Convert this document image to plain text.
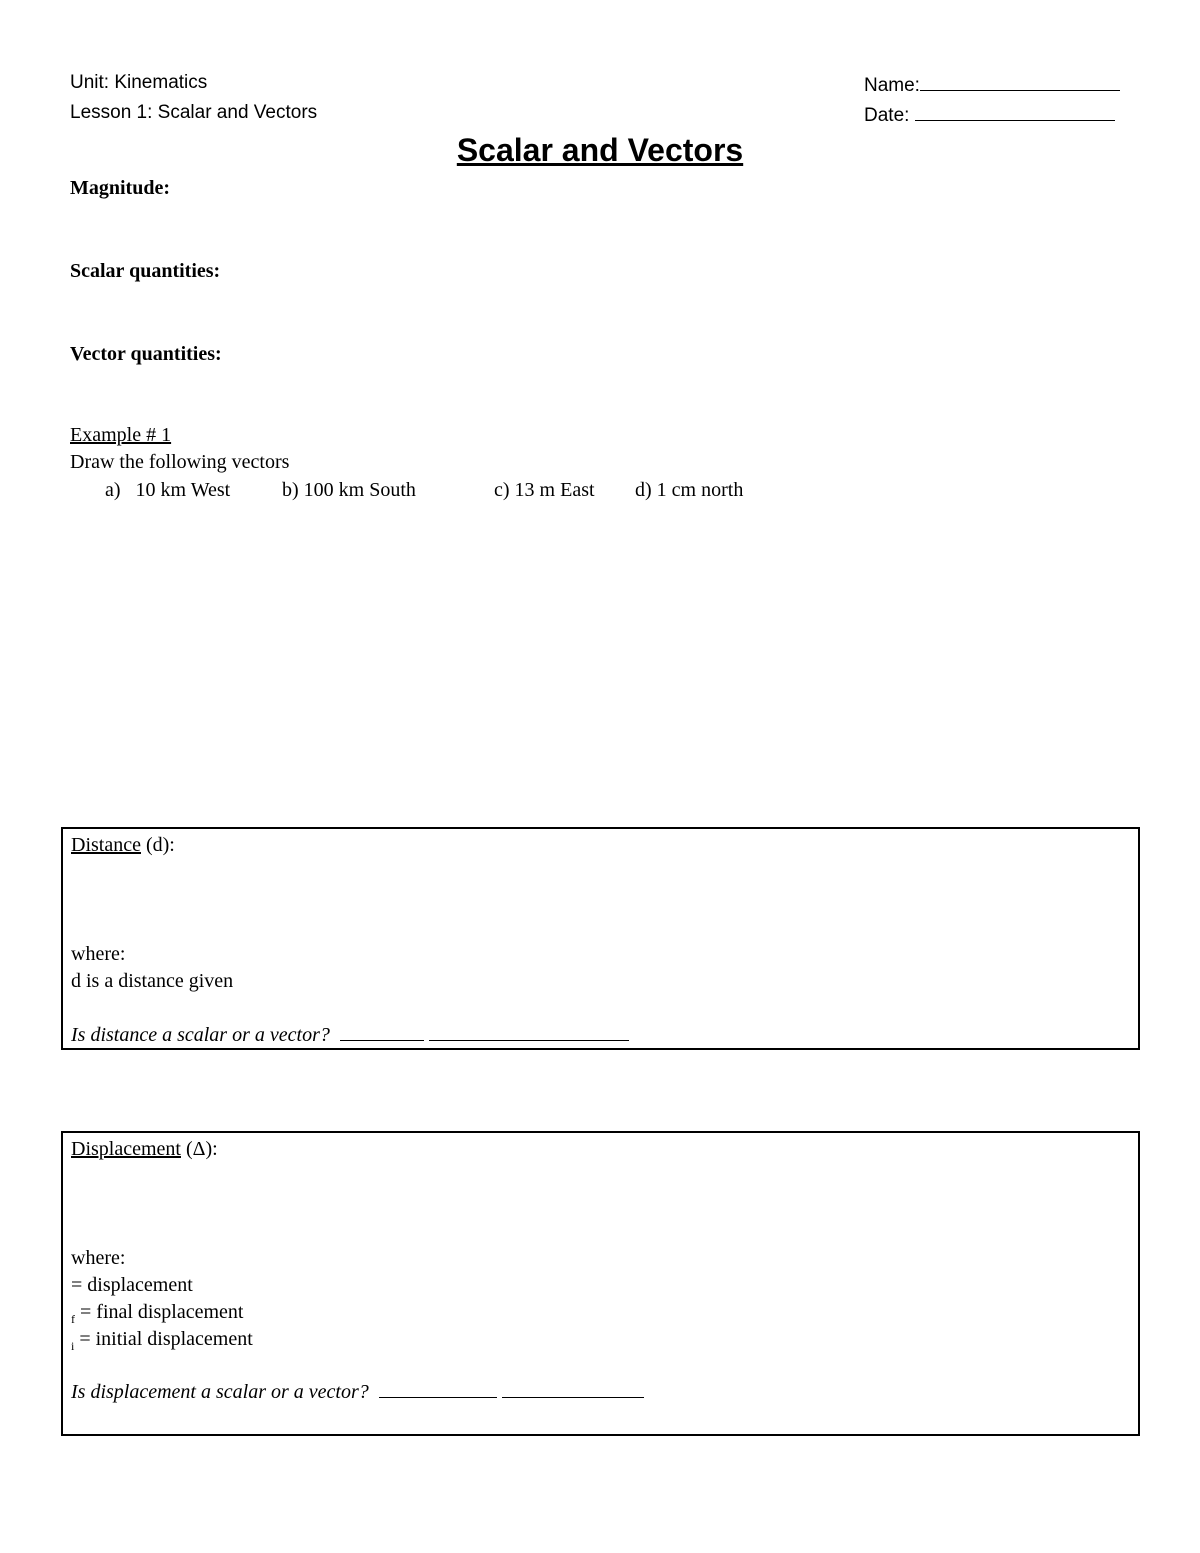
Unit: Kinematics
Lesson 1: Scalar and Vectors
Name:
Date:
Scalar and Vectors
Magnitude:
Scalar quantities:
Vector quantities:
Example # 1
Draw the following vectors
a) 10 km West	b) 100 km South	c) 13 m East d) 1 cm north
Distance (d):
where:
d is a distance given
Is distance a scalar or a vector?
Displacement (Δ):
where:
= displacement
$_f$ = final displacement
$_i$ = initial displacement
Is displacement a scalar or a vector?
